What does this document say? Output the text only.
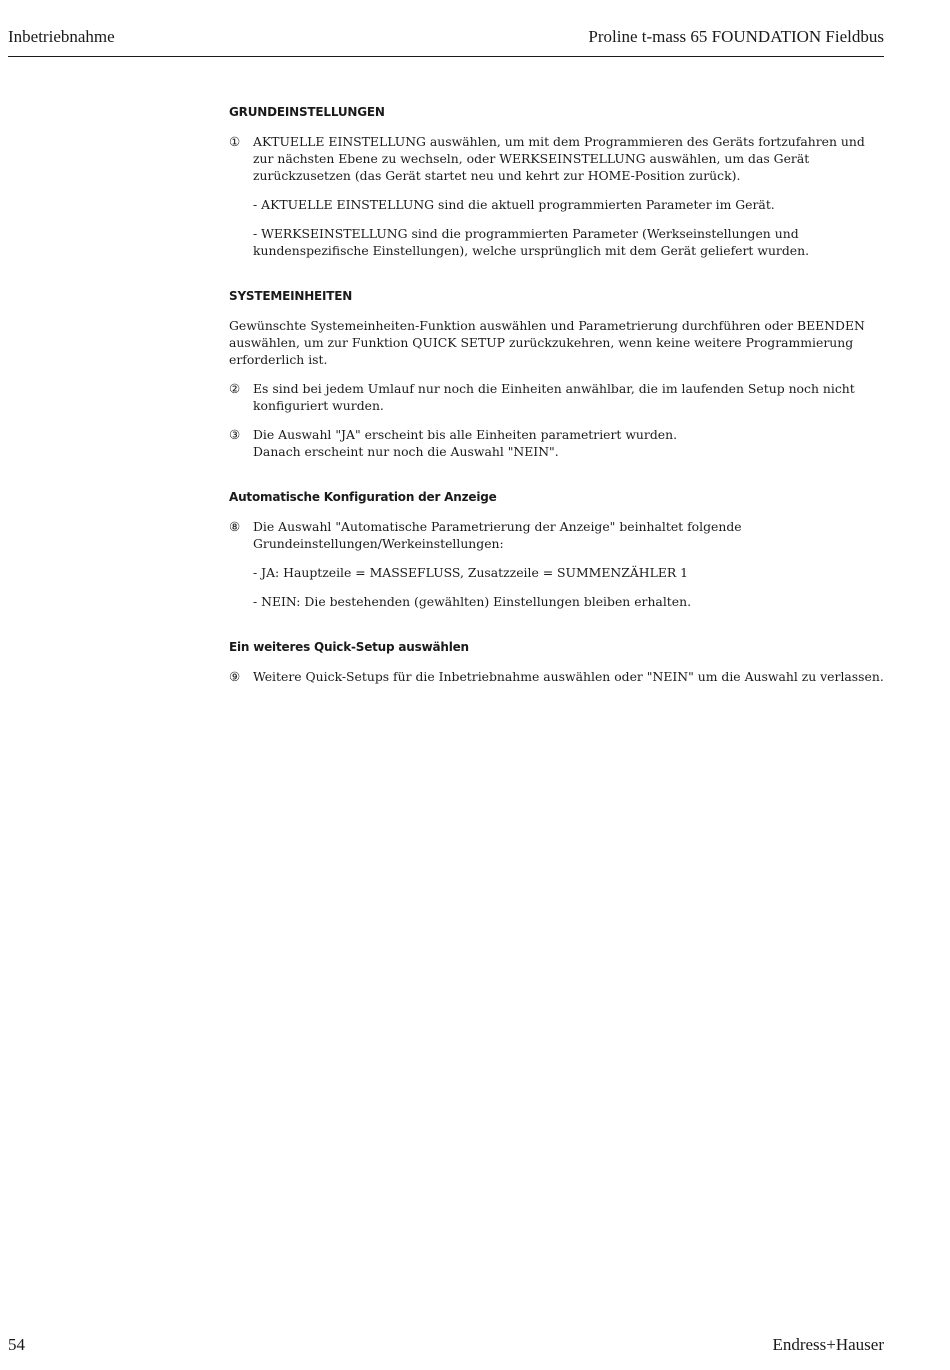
Inbetriebnahme	Proline t-mass 65 FOUNDATION Fieldbus
GRUNDEINSTELLUNGEN
① AKTUELLE EINSTELLUNG auswählen, um mit dem Programmieren des Geräts fortzufahren und zur nächsten Ebene zu wechseln, oder WERKSEINSTELLUNG auswählen, um das Gerät zurückzusetzen (das Gerät startet neu und kehrt zur HOME-Position zurück).
- AKTUELLE EINSTELLUNG sind die aktuell programmierten Parameter im Gerät.
- WERKSEINSTELLUNG sind die programmierten Parameter (Werkseinstellungen und kundenspezifische Einstellungen), welche ursprünglich mit dem Gerät geliefert wurden.
SYSTEMEINHEITEN
Gewünschte Systemeinheiten-Funktion auswählen und Parametrierung durchführen oder BEENDEN auswählen, um zur Funktion QUICK SETUP zurückzukehren, wenn keine weitere Programmierung erforderlich ist.
② Es sind bei jedem Umlauf nur noch die Einheiten anwählbar, die im laufenden Setup noch nicht konfiguriert wurden.
③ Die Auswahl "JA" erscheint bis alle Einheiten parametriert wurden.
Danach erscheint nur noch die Auswahl "NEIN".
Automatische Konfiguration der Anzeige
⑧ Die Auswahl "Automatische Parametrierung der Anzeige" beinhaltet folgende Grundeinstellungen/Werkeinstellungen:
- JA: Hauptzeile = MASSEFLUSS, Zusatzzeile = SUMMENZÄHLER 1
- NEIN: Die bestehenden (gewählten) Einstellungen bleiben erhalten.
Ein weiteres Quick-Setup auswählen
⑨ Weitere Quick-Setups für die Inbetriebnahme auswählen oder "NEIN" um die Auswahl zu verlassen.
54	Endress+Hauser
